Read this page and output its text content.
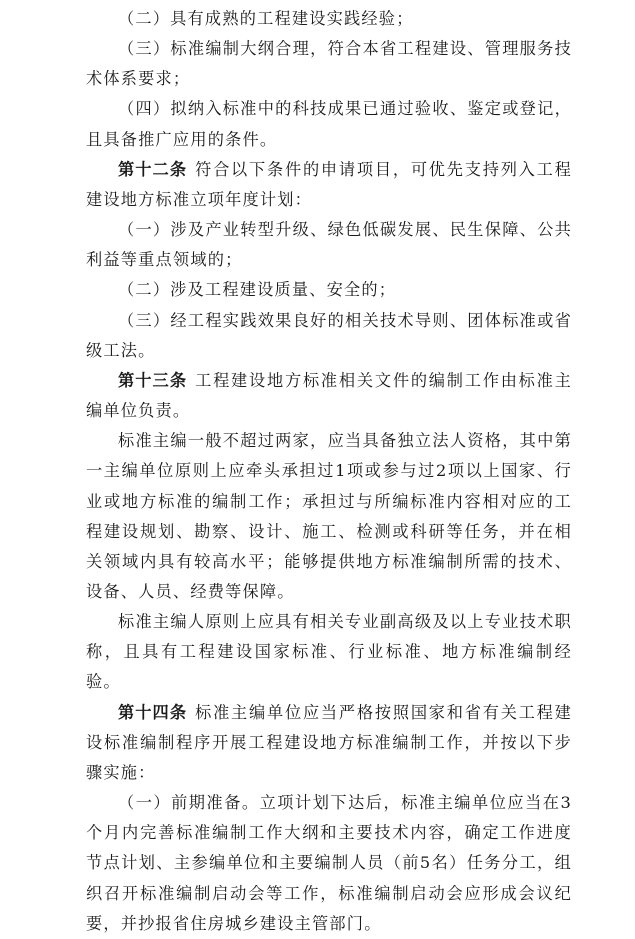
（二）具有成熟的工程建设实践经验；

（三）标准编制大纲合理，符合本省工程建设、管理服务技术体系要求；

（四）拟纳入标准中的科技成果已通过验收、鉴定或登记，且具备推广应用的条件。

第十二条 符合以下条件的申请项目，可优先支持列入工程建设地方标准立项年度计划：

（一）涉及产业转型升级、绿色低碳发展、民生保障、公共利益等重点领域的；

（二）涉及工程建设质量、安全的；

（三）经工程实践效果良好的相关技术导则、团体标准或省级工法。

第十三条 工程建设地方标准相关文件的编制工作由标准主编单位负责。

标准主编一般不超过两家，应当具备独立法人资格，其中第一主编单位原则上应牵头承担过1项或参与过2项以上国家、行业或地方标准的编制工作；承担过与所编标准内容相对应的工程建设规划、勘察、设计、施工、检测或科研等任务，并在相关领域内具有较高水平；能够提供地方标准编制所需的技术、设备、人员、经费等保障。

标准主编人原则上应具有相关专业副高级及以上专业技术职称，且具有工程建设国家标准、行业标准、地方标准编制经验。

第十四条 标准主编单位应当严格按照国家和省有关工程建设标准编制程序开展工程建设地方标准编制工作，并按以下步骤实施：

（一）前期准备。立项计划下达后，标准主编单位应当在3个月内完善标准编制工作大纲和主要技术内容，确定工作进度节点计划、主参编单位和主要编制人员（前5名）任务分工，组织召开标准编制启动会等工作，标准编制启动会应形成会议纪要，并抄报省住房城乡建设主管部门。
